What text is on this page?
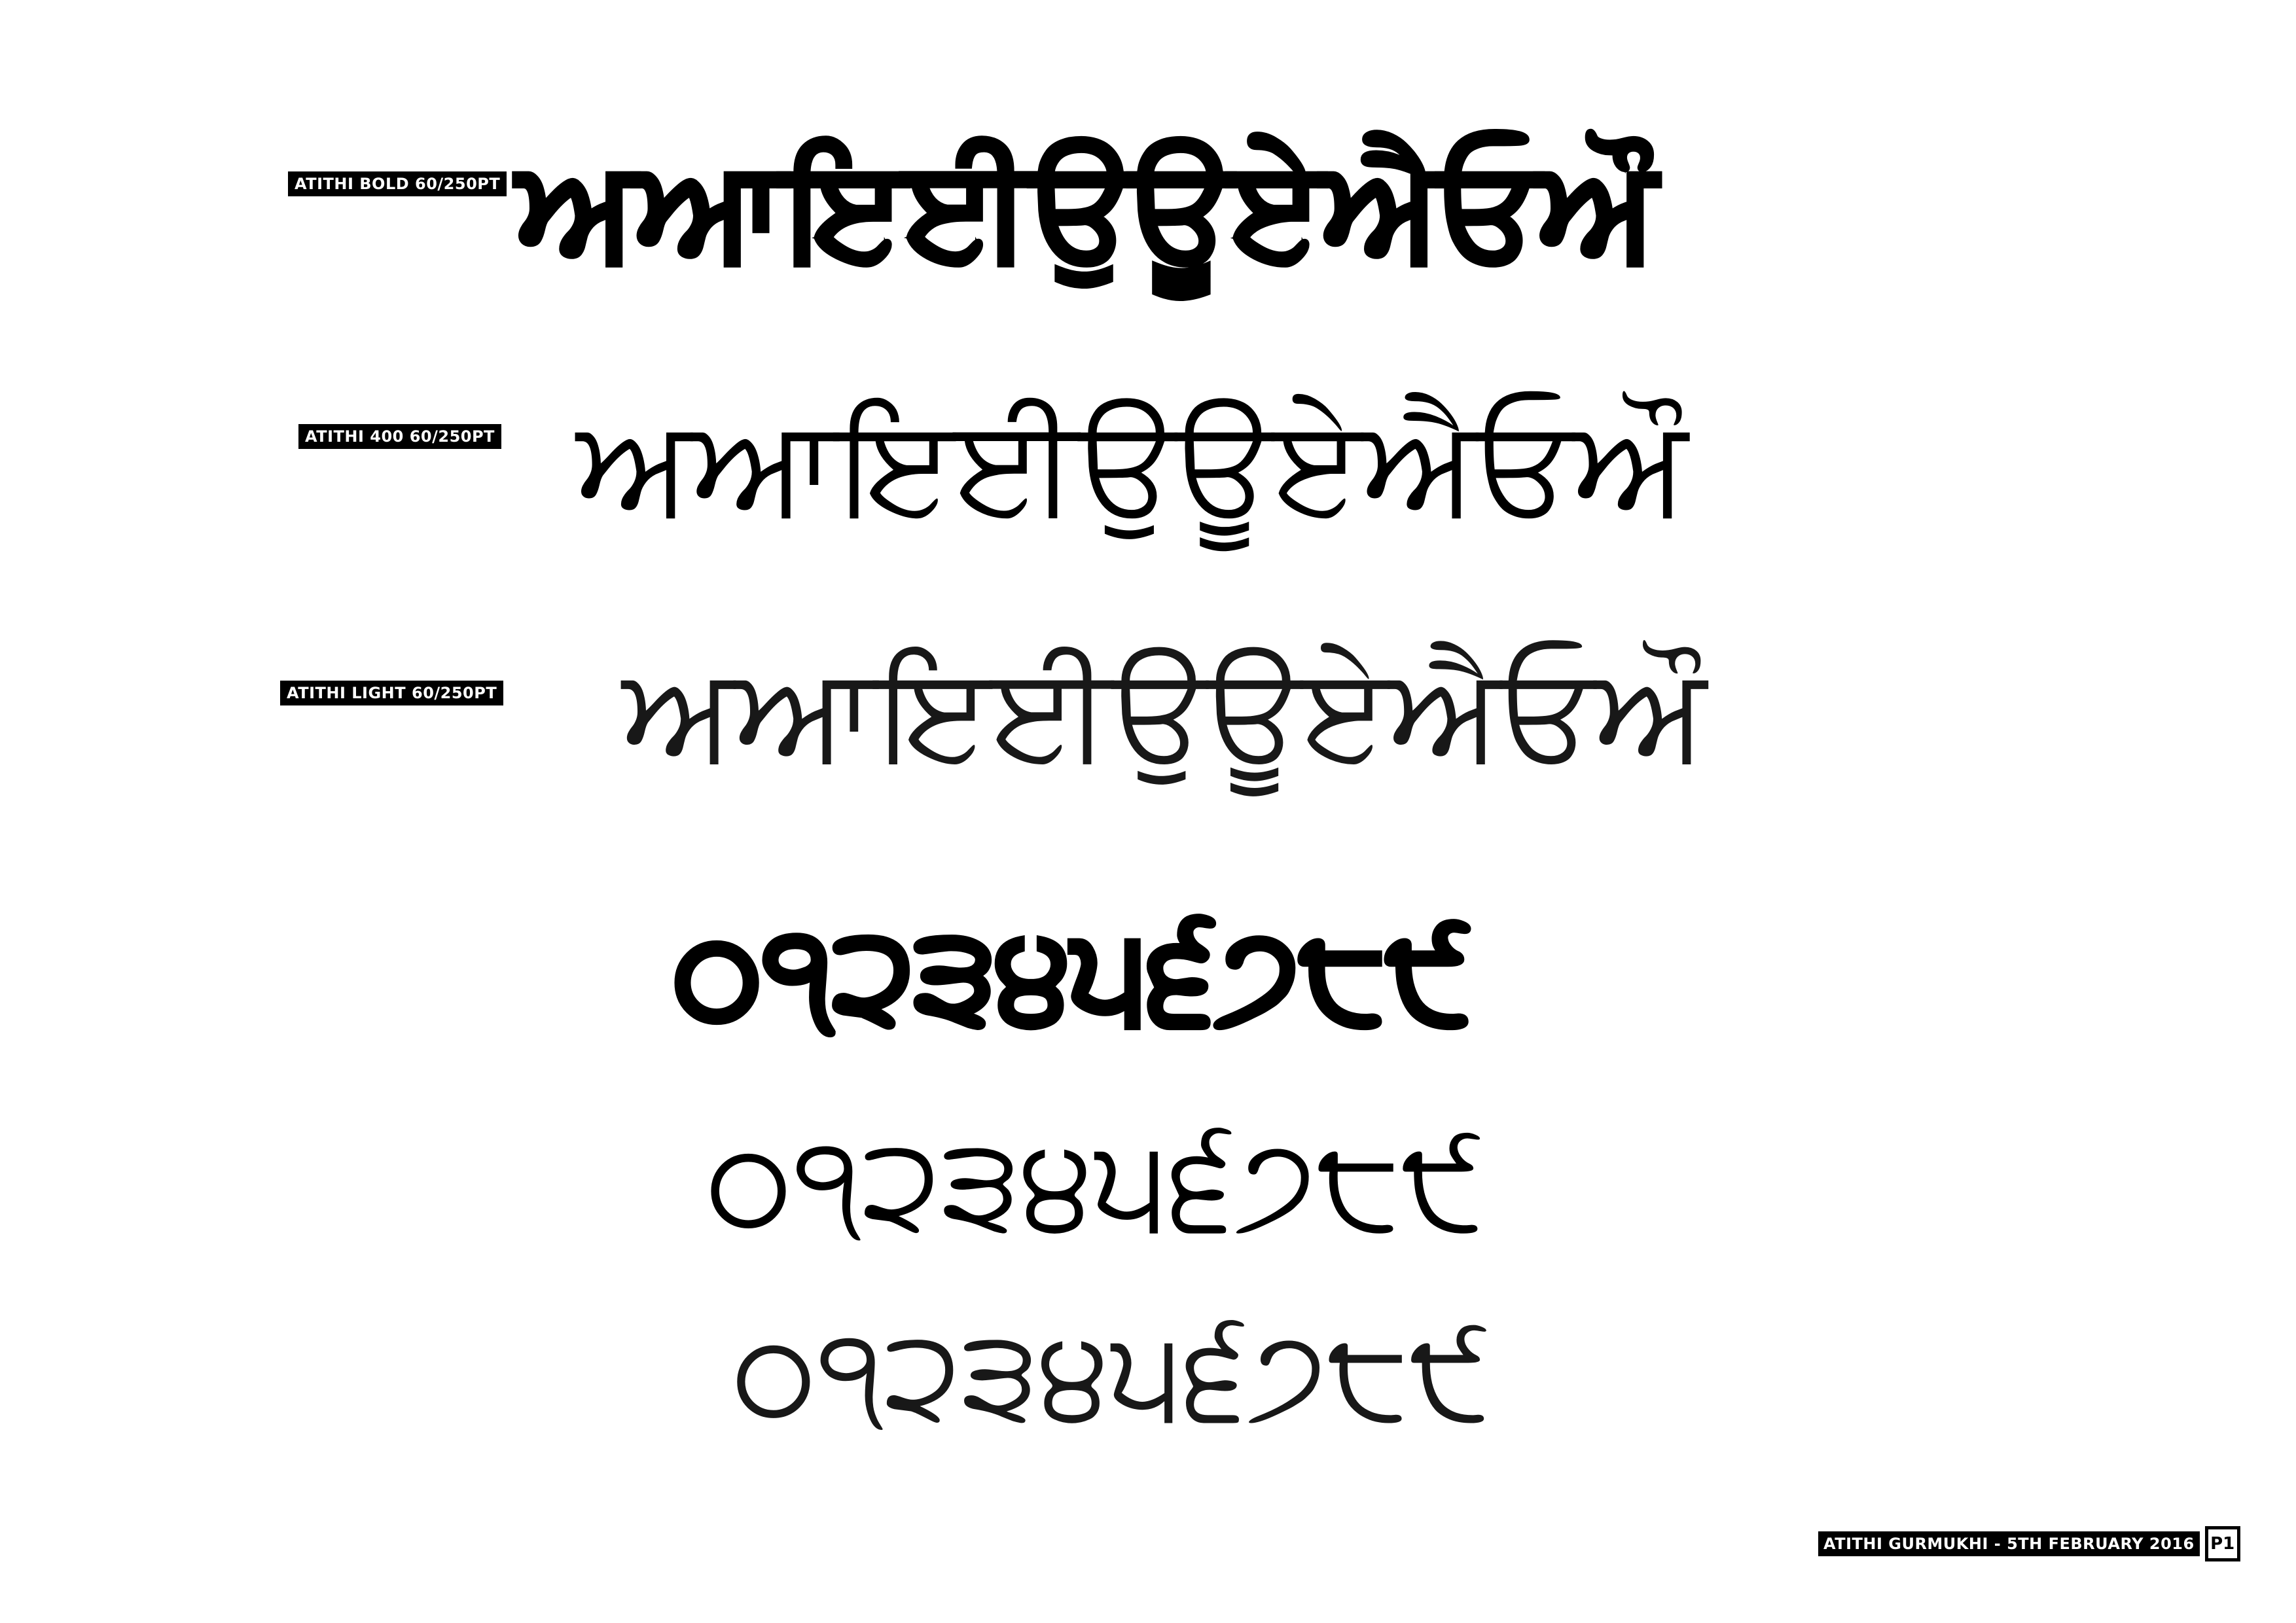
ATITHI BOLD 60/250PT ਅਆਇਈਉਊਏਐਓਔ
ATITHI 400 60/250PT ਅਆਇਈਉਊਏਐਓਔ
ATITHI LIGHT 60/250PT ਅਆਇਈਉਊਏਐਓਔ
੦੧੨੩੪੫੬੭੮੯
੦੧੨੩੪੫੬੭੮੯
੦੧੨੩੪੫੬੭੮੯
ATITHI GURMUKHI - 5TH FEBRUARY 2016 P1
